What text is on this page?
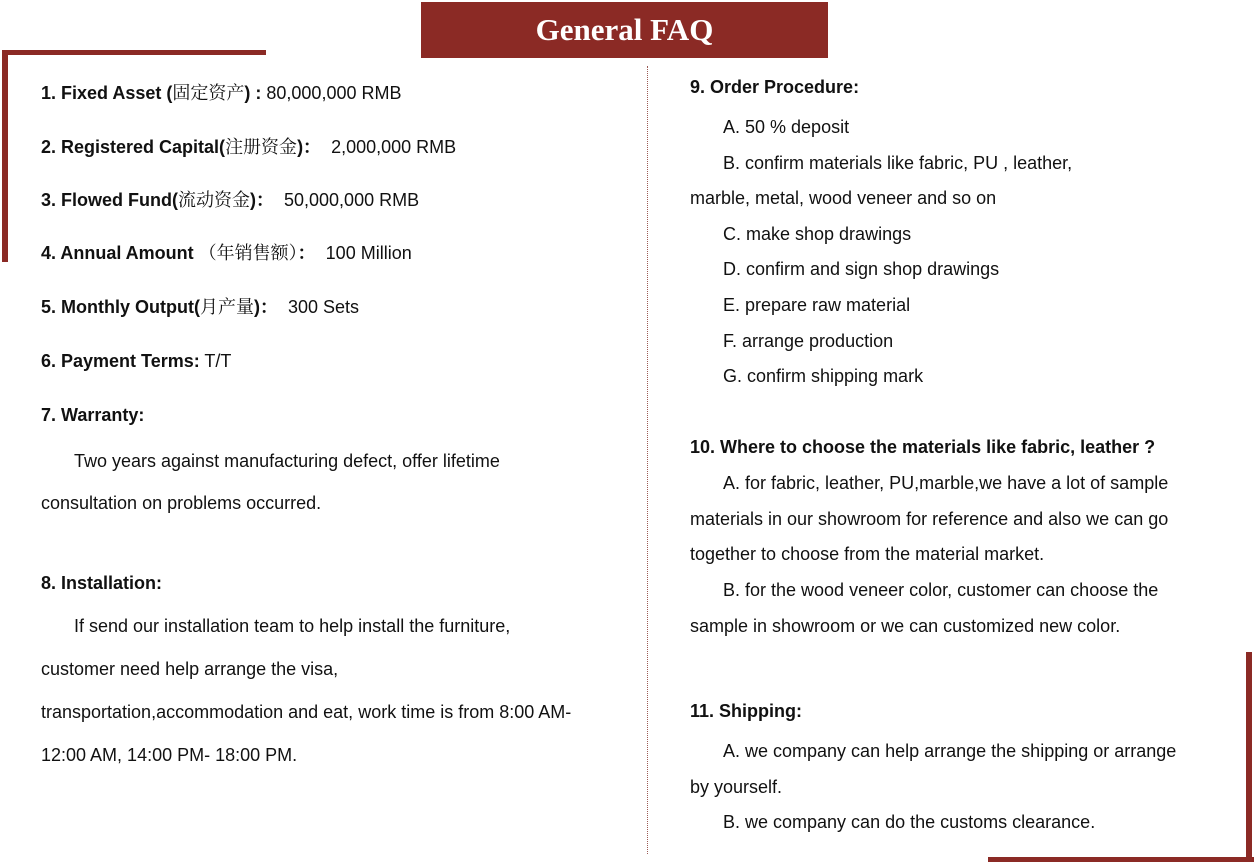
General FAQ
1. Fixed Asset (固定资产) : 80,000,000 RMB
2. Registered Capital(注册资金)：  2,000,000 RMB
3. Flowed Fund(流动资金)：  50,000,000 RMB
4. Annual Amount （年销售额）：  100 Million
5. Monthly Output(月产量)：  300 Sets
6. Payment Terms: T/T
7. Warranty:
Two years against manufacturing defect, offer lifetime
consultation on problems occurred.
8. Installation:
If send our installation team to help install the furniture,
customer need help arrange the visa,
transportation,accommodation and eat, work time is from 8:00 AM-
12:00 AM, 14:00 PM- 18:00 PM.
9. Order Procedure:
A. 50 % deposit
B. confirm materials like fabric, PU , leather,
marble, metal, wood veneer and so on
C. make shop drawings
D. confirm and sign shop drawings
E. prepare raw material
F. arrange production
G. confirm shipping mark
10. Where to choose the materials like fabric, leather ?
A. for fabric, leather, PU,marble,we have a lot of sample
materials in our showroom for reference and also we can go
together to choose from the material market.
B. for the wood veneer color, customer can choose the
sample in showroom or we can customized new color.
11. Shipping:
A. we company can help arrange the shipping or arrange
by yourself.
B. we company can do the customs clearance.
